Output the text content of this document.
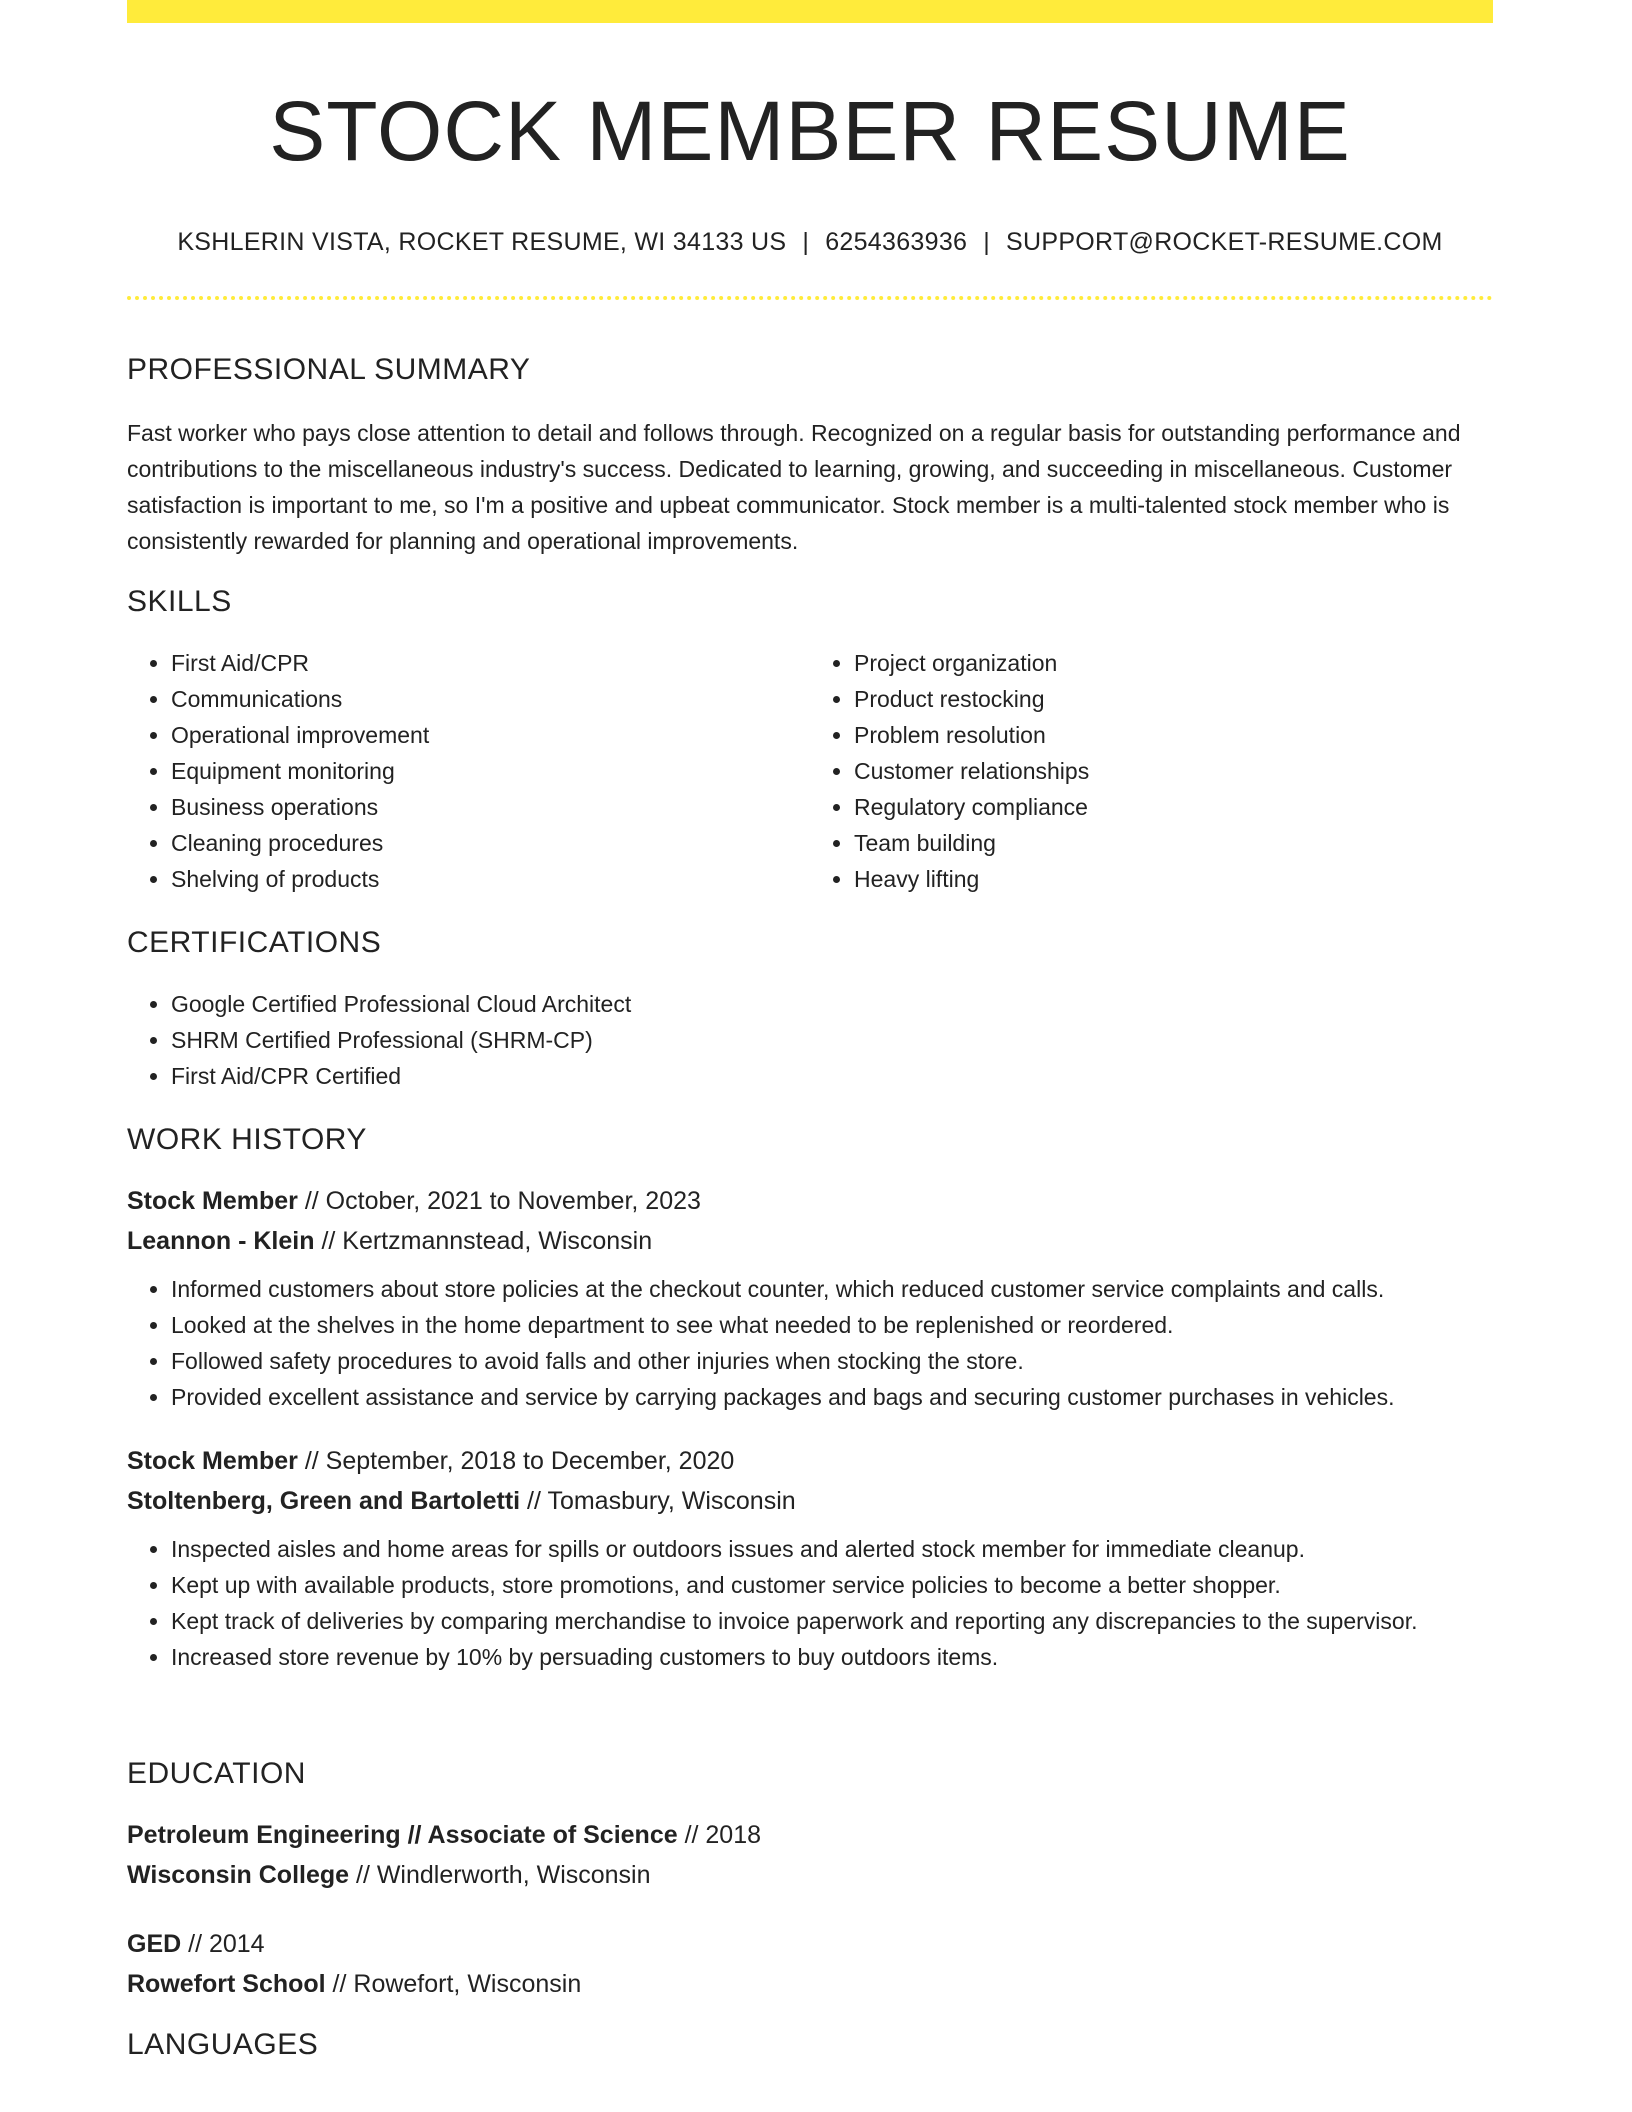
STOCK MEMBER RESUME
KSHLERIN VISTA, ROCKET RESUME, WI 34133 US | 6254363936 | SUPPORT@ROCKET-RESUME.COM
PROFESSIONAL SUMMARY
Fast worker who pays close attention to detail and follows through. Recognized on a regular basis for outstanding performance and contributions to the miscellaneous industry's success. Dedicated to learning, growing, and succeeding in miscellaneous. Customer satisfaction is important to me, so I'm a positive and upbeat communicator. Stock member is a multi-talented stock member who is consistently rewarded for planning and operational improvements.
SKILLS
• First Aid/CPR
• Communications
• Operational improvement
• Equipment monitoring
• Business operations
• Cleaning procedures
• Shelving of products
• Project organization
• Product restocking
• Problem resolution
• Customer relationships
• Regulatory compliance
• Team building
• Heavy lifting
CERTIFICATIONS
• Google Certified Professional Cloud Architect
• SHRM Certified Professional (SHRM-CP)
• First Aid/CPR Certified
WORK HISTORY
Stock Member // October, 2021 to November, 2023
Leannon - Klein // Kertzmannstead, Wisconsin
• Informed customers about store policies at the checkout counter, which reduced customer service complaints and calls.
• Looked at the shelves in the home department to see what needed to be replenished or reordered.
• Followed safety procedures to avoid falls and other injuries when stocking the store.
• Provided excellent assistance and service by carrying packages and bags and securing customer purchases in vehicles.
Stock Member // September, 2018 to December, 2020
Stoltenberg, Green and Bartoletti // Tomasbury, Wisconsin
• Inspected aisles and home areas for spills or outdoors issues and alerted stock member for immediate cleanup.
• Kept up with available products, store promotions, and customer service policies to become a better shopper.
• Kept track of deliveries by comparing merchandise to invoice paperwork and reporting any discrepancies to the supervisor.
• Increased store revenue by 10% by persuading customers to buy outdoors items.
EDUCATION
Petroleum Engineering // Associate of Science // 2018
Wisconsin College // Windlerworth, Wisconsin
GED // 2014
Rowefort School // Rowefort, Wisconsin
LANGUAGES
